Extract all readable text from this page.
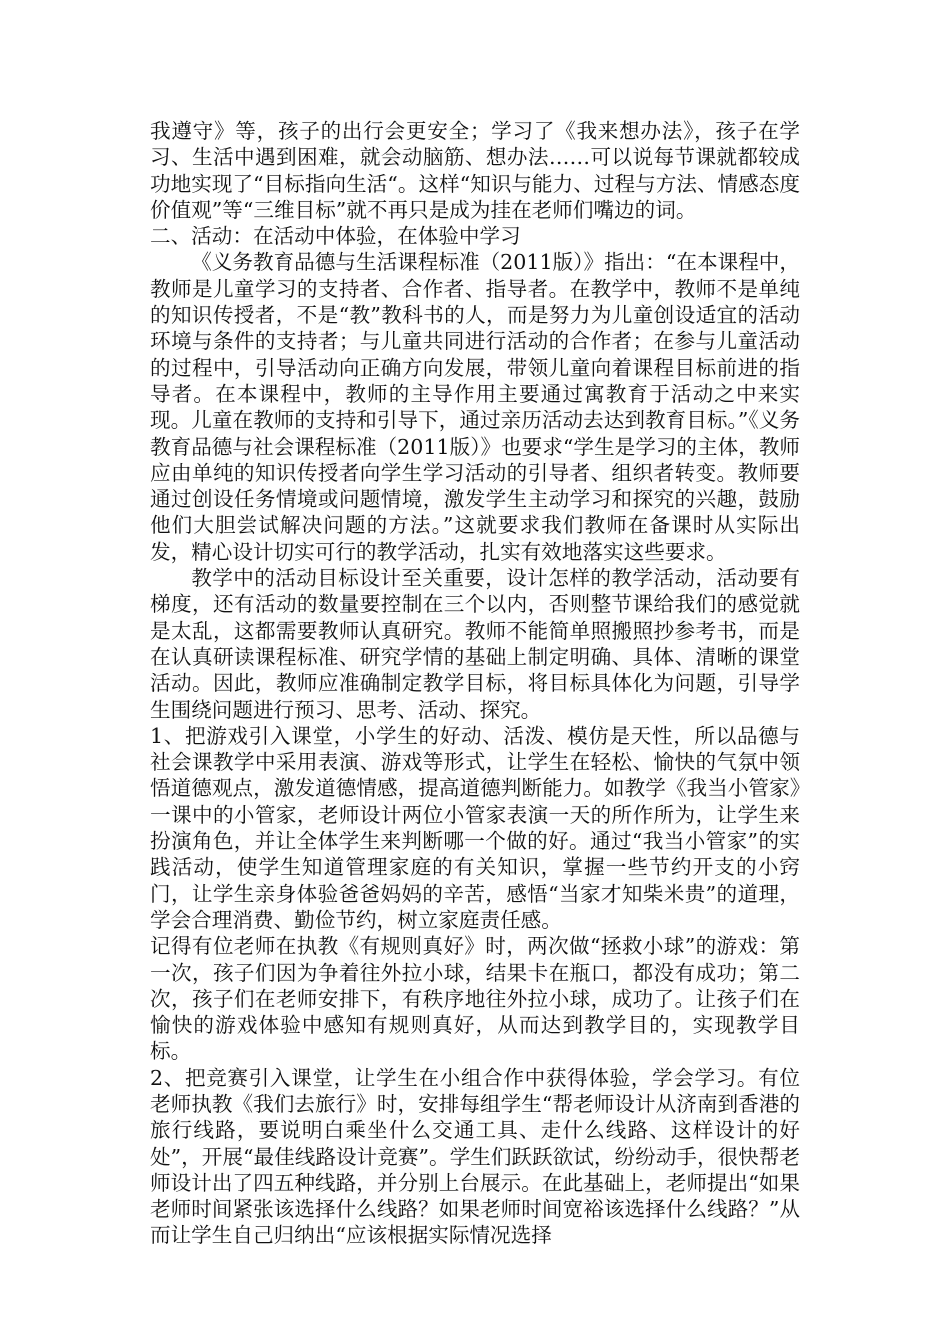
我遵守》等，孩子的出行会更安全；学习了《我来想办法》，孩子在学习、生活中遇到困难，就会动脑筋、想办法……可以说每节课就都较成功地实现了“目标指向生活“。这样“知识与能力、过程与方法、情感态度价值观”等“三维目标”就不再只是成为挂在老师们嘴边的词。

二、活动：在活动中体验，在体验中学习

《义务教育品德与生活课程标准（2011版）》指出：“在本课程中，教师是儿童学习的支持者、合作者、指导者。在教学中，教师不是单纯的知识传授者，不是“教”教科书的人，而是努力为儿童创设适宜的活动环境与条件的支持者；与儿童共同进行活动的合作者；在参与儿童活动的过程中，引导活动向正确方向发展，带领儿童向着课程目标前进的指导者。在本课程中，教师的主导作用主要通过寓教育于活动之中来实现。儿童在教师的支持和引导下，通过亲历活动去达到教育目标。”《义务教育品德与社会课程标准（2011版）》也要求“学生是学习的主体，教师应由单纯的知识传授者向学生学习活动的引导者、组织者转变。教师要通过创设任务情境或问题情境，激发学生主动学习和探究的兴趣，鼓励他们大胆尝试解决问题的方法。”这就要求我们教师在备课时从实际出发，精心设计切实可行的教学活动，扎实有效地落实这些要求。

教学中的活动目标设计至关重要，设计怎样的教学活动，活动要有梯度，还有活动的数量要控制在三个以内，否则整节课给我们的感觉就是太乱，这都需要教师认真研究。教师不能简单照搬照抄参考书，而是在认真研读课程标准、研究学情的基础上制定明确、具体、清晰的课堂活动。因此，教师应准确制定教学目标，将目标具体化为问题，引导学生围绕问题进行预习、思考、活动、探究。

1、把游戏引入课堂，小学生的好动、活泼、模仿是天性，所以品德与社会课教学中采用表演、游戏等形式，让学生在轻松、愉快的气氛中领悟道德观点，激发道德情感，提高道德判断能力。如教学《我当小管家》一课中的小管家，老师设计两位小管家表演一天的所作所为，让学生来扮演角色，并让全体学生来判断哪一个做的好。通过“我当小管家”的实践活动，使学生知道管理家庭的有关知识，掌握一些节约开支的小窍门，让学生亲身体验爸爸妈妈的辛苦，感悟“当家才知柴米贵”的道理，学会合理消费、勤俭节约，树立家庭责任感。

记得有位老师在执教《有规则真好》时，两次做“拯救小球”的游戏：第一次，孩子们因为争着往外拉小球，结果卡在瓶口，都没有成功；第二次，孩子们在老师安排下，有秩序地往外拉小球，成功了。让孩子们在愉快的游戏体验中感知有规则真好，从而达到教学目的，实现教学目标。

2、把竞赛引入课堂，让学生在小组合作中获得体验，学会学习。有位老师执教《我们去旅行》时，安排每组学生“帮老师设计从济南到香港的旅行线路，要说明白乘坐什么交通工具、走什么线路、这样设计的好处”，开展“最佳线路设计竞赛”。学生们跃跃欲试，纷纷动手，很快帮老师设计出了四五种线路，并分别上台展示。在此基础上，老师提出“如果老师时间紧张该选择什么线路？如果老师时间宽裕该选择什么线路？”从而让学生自己归纳出“应该根据实际情况选择
